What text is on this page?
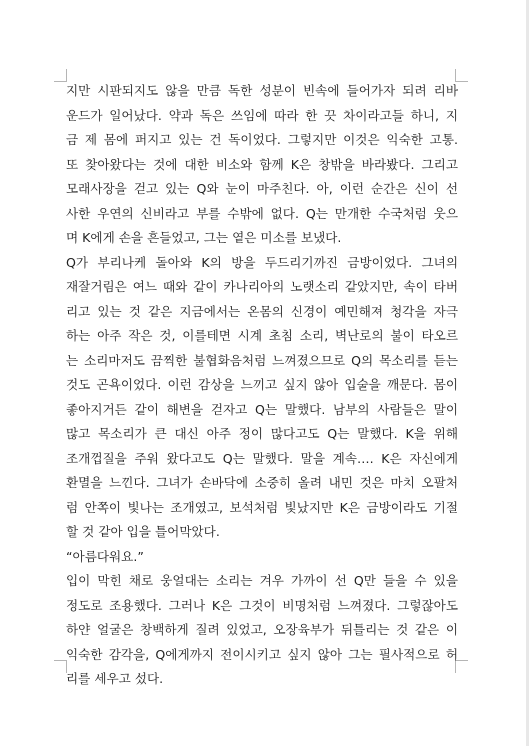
지만 시판되지도 않을 만큼 독한 성분이 빈속에 들어가자 되려 리바
운드가 일어났다. 약과 독은 쓰임에 따라 한 끗 차이라고들 하니, 지
금 제 몸에 퍼지고 있는 건 독이었다. 그렇지만 이것은 익숙한 고통.
또 찾아왔다는 것에 대한 비소와 함께 K은 창밖을 바라봤다. 그리고
모래사장을 걷고 있는 Q와 눈이 마주친다. 아, 이런 순간은 신이 선
사한 우연의 신비라고 부를 수밖에 없다. Q는 만개한 수국처럼 웃으
며 K에게 손을 흔들었고, 그는 옅은 미소를 보냈다.
Q가 부리나케 돌아와 K의 방을 두드리기까진 금방이었다. 그녀의
재잘거림은 여느 때와 같이 카나리아의 노랫소리 같았지만, 속이 타버
리고 있는 것 같은 지금에서는 온몸의 신경이 예민해져 청각을 자극
하는 아주 작은 것, 이를테면 시계 초침 소리, 벽난로의 불이 타오르
는 소리마저도 끔찍한 불협화음처럼 느껴졌으므로 Q의 목소리를 듣는
것도 곤욕이었다. 이런 감상을 느끼고 싶지 않아 입술을 깨문다. 몸이
좋아지거든 같이 해변을 걷자고 Q는 말했다. 남부의 사람들은 말이
많고 목소리가 큰 대신 아주 정이 많다고도 Q는 말했다. K을 위해
조개껍질을 주워 왔다고도 Q는 말했다. 말을 계속…. K은 자신에게
환멸을 느낀다. 그녀가 손바닥에 소중히 올려 내민 것은 마치 오팔처
럼 안쪽이 빛나는 조개였고, 보석처럼 빛났지만 K은 금방이라도 기절
할 것 같아 입을 틀어막았다.
“아름다워요.”
입이 막힌 채로 웅얼대는 소리는 겨우 가까이 선 Q만 들을 수 있을
정도로 조용했다. 그러나 K은 그것이 비명처럼 느껴졌다. 그렇잖아도
하얀 얼굴은 창백하게 질려 있었고, 오장육부가 뒤틀리는 것 같은 이
익숙한 감각을, Q에게까지 전이시키고 싶지 않아 그는 필사적으로 허
리를 세우고 섰다.
